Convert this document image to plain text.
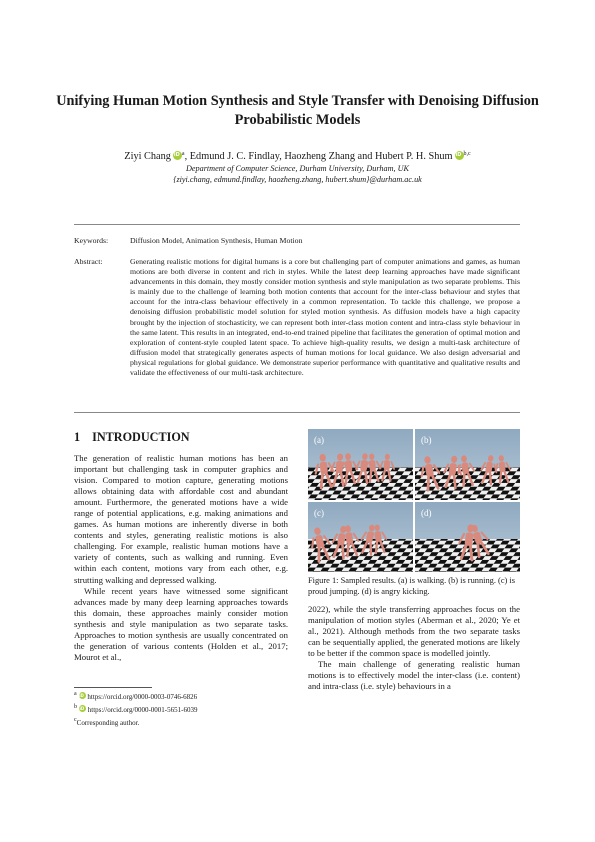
Unifying Human Motion Synthesis and Style Transfer with Denoising Diffusion Probabilistic Models
Ziyi Chang iD $^a$, Edmund J. C. Findlay, Haozheng Zhang and Hubert P. H. Shum iD $^{b,c}$
Department of Computer Science, Durham University, Durham, UK
{ziyi.chang, edmund.findlay, haozheng.zhang, hubert.shum}@durham.ac.uk
Keywords:	Diffusion Model, Animation Synthesis, Human Motion
Abstract:	Generating realistic motions for digital humans is a core but challenging part of computer animations and games, as human motions are both diverse in content and rich in styles. While the latest deep learning approaches have made significant advancements in this domain, they mostly consider motion synthesis and style manipulation as two separate problems. This is mainly due to the challenge of learning both motion contents that account for the inter-class behaviour and styles that account for the intra-class behaviour effectively in a common representation. To tackle this challenge, we propose a denoising diffusion probabilistic model solution for styled motion synthesis. As diffusion models have a high capacity brought by the injection of stochasticity, we can represent both inter-class motion content and intra-class style behaviour in the same latent. This results in an integrated, end-to-end trained pipeline that facilitates the generation of optimal motion and exploration of content-style coupled latent space. To achieve high-quality results, we design a multi-task architecture of diffusion model that strategically generates aspects of human motions for local guidance. We also design adversarial and physical regulations for global guidance. We demonstrate superior performance with quantitative and qualitative results and validate the effectiveness of our multi-task architecture.
1 INTRODUCTION

The generation of realistic human motions has been an important but challenging task in computer graphics and vision. Compared to motion capture, generating motions allows obtaining data with affordable cost and abundant amount. Furthermore, the generated motions have a wide range of potential applications, e.g. making animations and games. As human motions are inherently diverse in both contents and styles, generating realistic motions is also challenging. For example, realistic human motions have a variety of contents, such as walking and running. Even within each content, motions vary from each other, e.g. strutting walking and depressed walking.

While recent years have witnessed some significant advances made by many deep learning approaches towards this domain, these approaches mainly consider motion synthesis and style manipulation as two separate tasks. Approaches to motion synthesis are usually concentrated on the generation of various contents (Holden et al., 2017; Mourot et al.,

(a)	(b)
(c)	(d)
Figure 1: Sampled results. (a) is walking. (b) is running. (c) is proud jumping. (d) is angry kicking.

2022), while the style transferring approaches focus on the manipulation of motion styles (Aberman et al., 2020; Ye et al., 2021). Although methods from the two separate tasks can be sequentially applied, the generated motions are likely to be better if the common space is modelled jointly.

The main challenge of generating realistic human motions is to effectively model the inter-class (i.e. content) and intra-class (i.e. style) behaviours in a

a iD https://orcid.org/0000-0003-0746-6826
b iD https://orcid.org/0000-0001-5651-6039
cCorresponding author.
